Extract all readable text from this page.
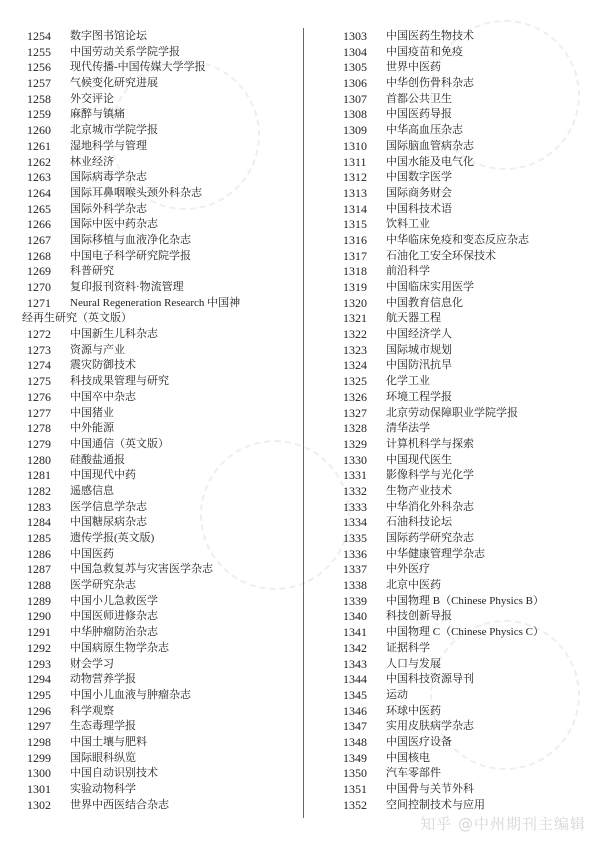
1254	数字图书馆论坛
1255	中国劳动关系学院学报
1256	现代传播-中国传媒大学学报
1257	气候变化研究进展
1258	外交评论
1259	麻醉与镇痛
1260	北京城市学院学报
1261	湿地科学与管理
1262	林业经济
1263	国际病毒学杂志
1264	国际耳鼻咽喉头颈外科杂志
1265	国际外科学杂志
1266	国际中医中药杂志
1267	国际移植与血液净化杂志
1268	中国电子科学研究院学报
1269	科普研究
1270	复印报刊资料·物流管理
1271	Neural Regeneration Research 中国神
经再生研究（英文版）
1272	中国新生儿科杂志
1273	资源与产业
1274	震灾防御技术
1275	科技成果管理与研究
1276	中国卒中杂志
1277	中国猪业
1278	中外能源
1279	中国通信（英文版）
1280	硅酸盐通报
1281	中国现代中药
1282	遥感信息
1283	医学信息学杂志
1284	中国糖尿病杂志
1285	遗传学报(英文版)
1286	中国医药
1287	中国急救复苏与灾害医学杂志
1288	医学研究杂志
1289	中国小儿急救医学
1290	中国医师进修杂志
1291	中华肿瘤防治杂志
1292	中国病原生物学杂志
1293	财会学习
1294	动物营养学报
1295	中国小儿血液与肿瘤杂志
1296	科学观察
1297	生态毒理学报
1298	中国土壤与肥料
1299	国际眼科纵览
1300	中国自动识别技术
1301	实验动物科学
1302	世界中西医结合杂志
1303	中国医药生物技术
1304	中国疫苗和免疫
1305	世界中医药
1306	中华创伤骨科杂志
1307	首都公共卫生
1308	中国医药导报
1309	中华高血压杂志
1310	国际脑血管病杂志
1311	中国水能及电气化
1312	中国数字医学
1313	国际商务财会
1314	中国科技术语
1315	饮料工业
1316	中华临床免疫和变态反应杂志
1317	石油化工安全环保技术
1318	前沿科学
1319	中国临床实用医学
1320	中国教育信息化
1321	航天器工程
1322	中国经济学人
1323	国际城市规划
1324	中国防汛抗旱
1325	化学工业
1326	环境工程学报
1327	北京劳动保障职业学院学报
1328	清华法学
1329	计算机科学与探索
1330	中国现代医生
1331	影像科学与光化学
1332	生物产业技术
1333	中华消化外科杂志
1334	石油科技论坛
1335	国际药学研究杂志
1336	中华健康管理学杂志
1337	中外医疗
1338	北京中医药
1339	中国物理 B（Chinese Physics B）
1340	科技创新导报
1341	中国物理 C（Chinese Physics C）
1342	证据科学
1343	人口与发展
1344	中国科技资源导刊
1345	运动
1346	环球中医药
1347	实用皮肤病学杂志
1348	中国医疗设备
1349	中国核电
1350	汽车零部件
1351	中国骨与关节外科
1352	空间控制技术与应用
知乎 @中州期刊主编辑
